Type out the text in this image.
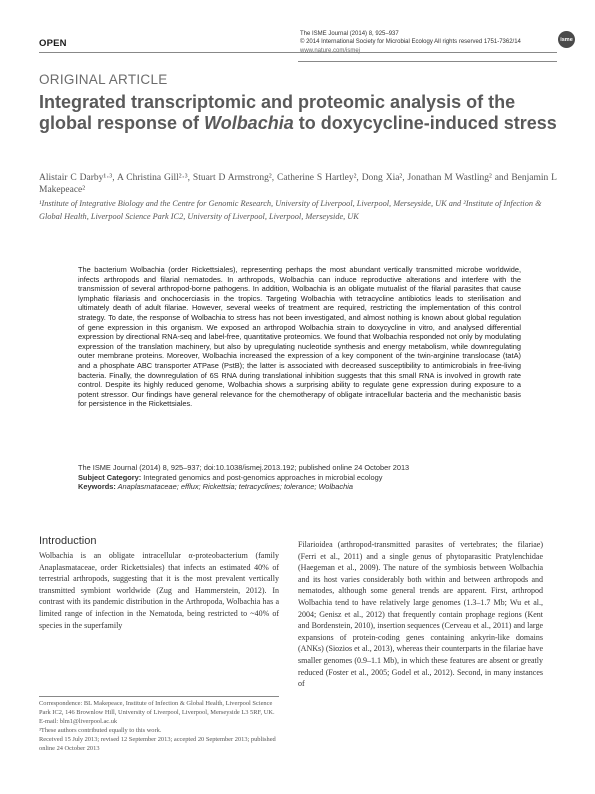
OPEN
The ISME Journal (2014) 8, 925–937
© 2014 International Society for Microbial Ecology All rights reserved 1751-7362/14
www.nature.com/ismej
isme
ORIGINAL ARTICLE
Integrated transcriptomic and proteomic analysis of the global response of Wolbachia to doxycycline-induced stress
Alistair C Darby¹·³, A Christina Gill²·³, Stuart D Armstrong², Catherine S Hartley², Dong Xia², Jonathan M Wastling² and Benjamin L Makepeace²
¹Institute of Integrative Biology and the Centre for Genomic Research, University of Liverpool, Liverpool, Merseyside, UK and ²Institute of Infection & Global Health, Liverpool Science Park IC2, University of Liverpool, Liverpool, Merseyside, UK
The bacterium Wolbachia (order Rickettsiales), representing perhaps the most abundant vertically transmitted microbe worldwide, infects arthropods and filarial nematodes. In arthropods, Wolbachia can induce reproductive alterations and interfere with the transmission of several arthropod-borne pathogens. In addition, Wolbachia is an obligate mutualist of the filarial parasites that cause lymphatic filariasis and onchocerciasis in the tropics. Targeting Wolbachia with tetracycline antibiotics leads to sterilisation and ultimately death of adult filariae. However, several weeks of treatment are required, restricting the implementation of this control strategy. To date, the response of Wolbachia to stress has not been investigated, and almost nothing is known about global regulation of gene expression in this organism. We exposed an arthropod Wolbachia strain to doxycycline in vitro, and analysed differential expression by directional RNA-seq and label-free, quantitative proteomics. We found that Wolbachia responded not only by modulating expression of the translation machinery, but also by upregulating nucleotide synthesis and energy metabolism, while downregulating outer membrane proteins. Moreover, Wolbachia increased the expression of a key component of the twin-arginine translocase (tatA) and a phosphate ABC transporter ATPase (PstB); the latter is associated with decreased susceptibility to antimicrobials in free-living bacteria. Finally, the downregulation of 6S RNA during translational inhibition suggests that this small RNA is involved in growth rate control. Despite its highly reduced genome, Wolbachia shows a surprising ability to regulate gene expression during exposure to a potent stressor. Our findings have general relevance for the chemotherapy of obligate intracellular bacteria and the mechanistic basis for persistence in the Rickettsiales.
The ISME Journal (2014) 8, 925–937; doi:10.1038/ismej.2013.192; published online 24 October 2013
Subject Category: Integrated genomics and post-genomics approaches in microbial ecology
Keywords: Anaplasmataceae; efflux; Rickettsia; tetracyclines; tolerance; Wolbachia
Introduction
Wolbachia is an obligate intracellular α-proteobacterium (family Anaplasmataceae, order Rickettsiales) that infects an estimated 40% of terrestrial arthropods, suggesting that it is the most prevalent vertically transmitted symbiont worldwide (Zug and Hammerstein, 2012). In contrast with its pandemic distribution in the Arthropoda, Wolbachia has a limited range of infection in the Nematoda, being restricted to ~40% of species in the superfamily
Filarioidea (arthropod-transmitted parasites of vertebrates; the filariae) (Ferri et al., 2011) and a single genus of phytoparasitic Pratylenchidae (Haegeman et al., 2009). The nature of the symbiosis between Wolbachia and its host varies considerably both within and between arthropods and nematodes, although some general trends are apparent. First, arthropod Wolbachia tend to have relatively large genomes (1.3–1.7 Mb; Wu et al., 2004; Genisz et al., 2012) that frequently contain prophage regions (Kent and Bordenstein, 2010), insertion sequences (Cerveau et al., 2011) and large expansions of protein-coding genes containing ankyrin-like domains (ANKs) (Siozios et al., 2013), whereas their counterparts in the filariae have smaller genomes (0.9–1.1 Mb), in which these features are absent or greatly reduced (Foster et al., 2005; Godel et al., 2012). Second, in many instances of
Correspondence: BL Makepeace, Institute of Infection & Global Health, Liverpool Science Park IC2, 146 Brownlow Hill, University of Liverpool, Liverpool, Merseyside L3 5RF, UK.
E-mail: blm1@liverpool.ac.uk
³These authors contributed equally to this work.
Received 15 July 2013; revised 12 September 2013; accepted 20 September 2013; published online 24 October 2013
